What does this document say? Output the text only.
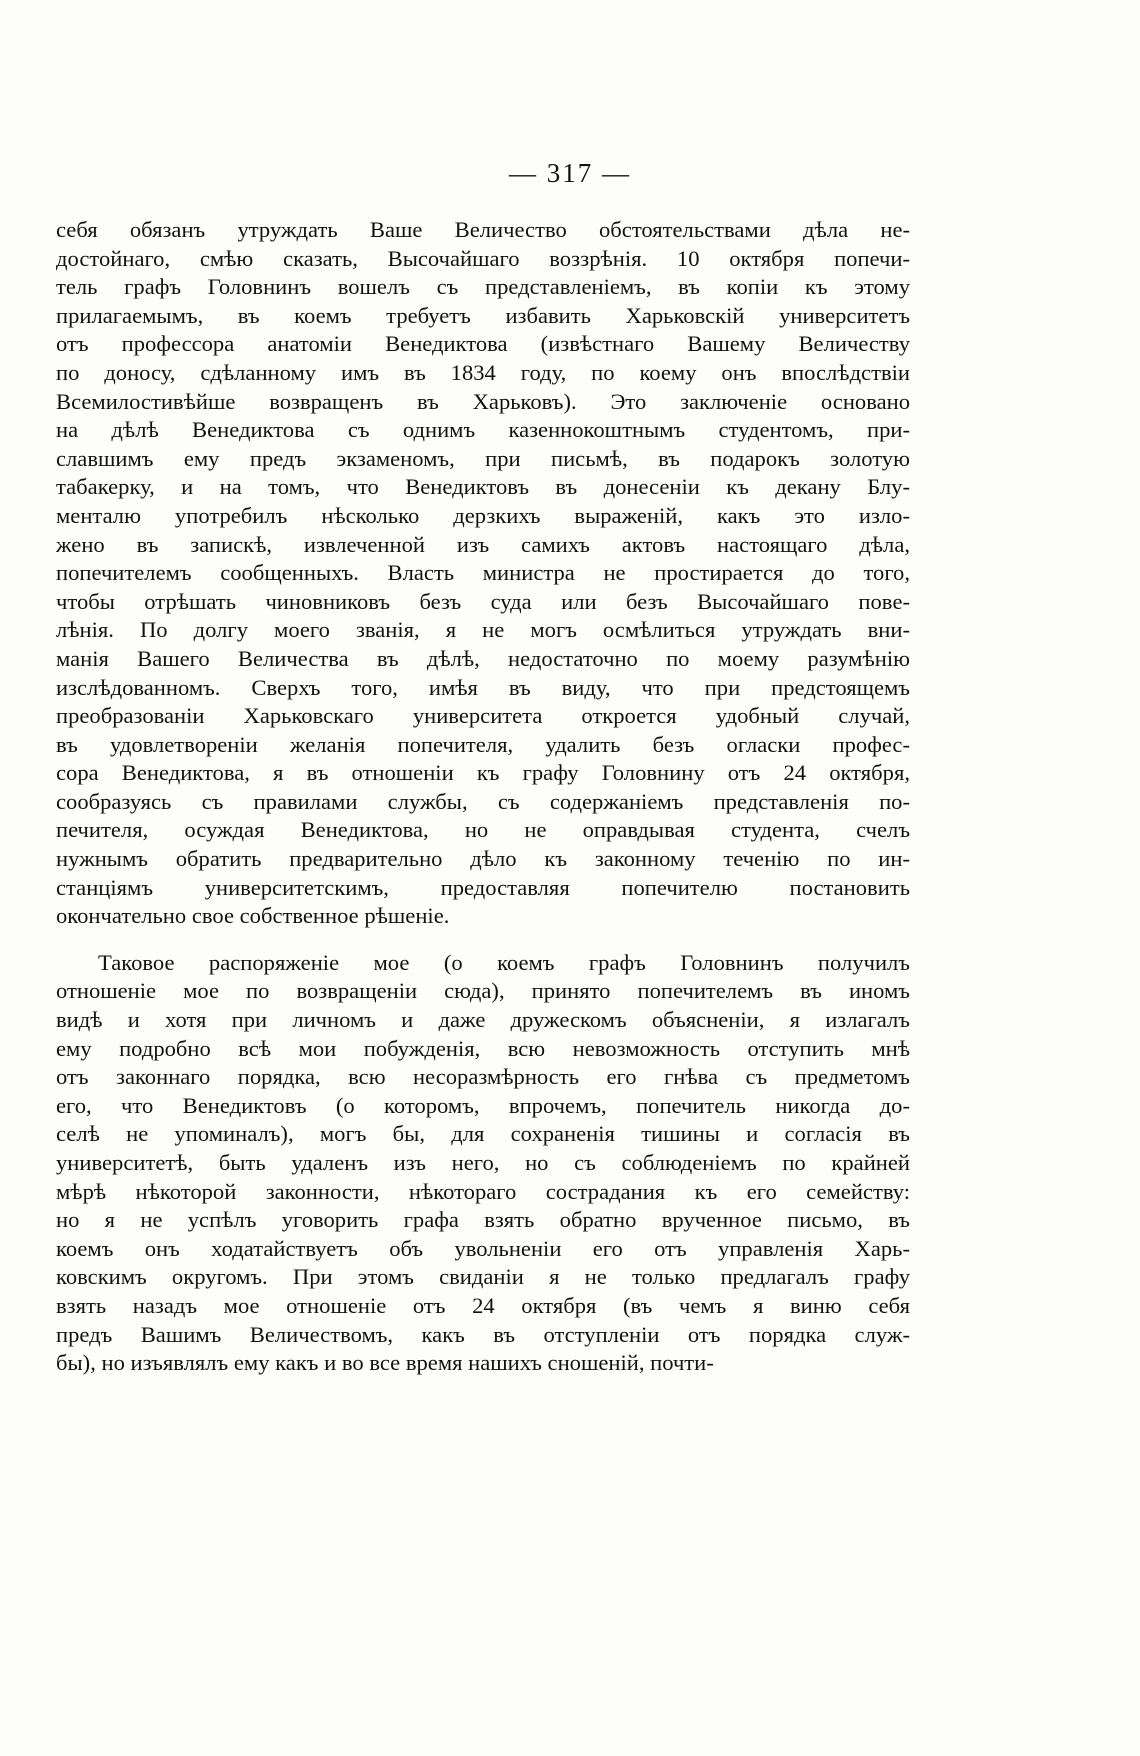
— 317 —
себя обязанъ утруждать Ваше Величество обстоятельствами дѣла не-
достойнаго, смѣю сказать, Высочайшаго воззрѣнія. 10 октября попечи-
тель графъ Головнинъ вошелъ съ представленіемъ, въ копіи къ этому
прилагаемымъ, въ коемъ требуетъ избавить Харьковскій университетъ
отъ профессора анатоміи Венедиктова (извѣстнаго Вашему Величеству
по доносу, сдѣланному имъ въ 1834 году, по коему онъ впослѣдствіи
Всемилостивѣйше возвращенъ въ Харьковъ). Это заключеніе основано
на дѣлѣ Венедиктова съ однимъ казеннокоштнымъ студентомъ, при-
славшимъ ему предъ экзаменомъ, при письмѣ, въ подарокъ золотую
табакерку, и на томъ, что Венедиктовъ въ донесеніи къ декану Блу-
менталю употребилъ нѣсколько дерзкихъ выраженій, какъ это изло-
жено въ запискѣ, извлеченной изъ самихъ актовъ настоящаго дѣла,
попечителемъ сообщенныхъ. Власть министра не простирается до того,
чтобы отрѣшать чиновниковъ безъ суда или безъ Высочайшаго повe-
лѣнія. По долгу моего званія, я не могъ осмѣлиться утруждать вни-
манія Вашего Величества въ дѣлѣ, недостаточно по моему разумѣнію
изслѣдованномъ. Сверхъ того, имѣя въ виду, что при предстоящемъ
преобразованіи Харьковскаго университета откроется удобный случай,
въ удовлетвореніи желанія попечителя, удалить безъ огласки профес-
сора Венедиктова, я въ отношеніи къ графу Головнину отъ 24 октября,
сообразуясь съ правилами службы, съ содержаніемъ представленія по-
печителя, осуждая Венедиктова, но не оправдывая студента, счелъ
нужнымъ обратить предварительно дѣло къ законному теченію по ин-
станціямъ университетскимъ, предоставляя попечителю постановить
окончательно свое собственное рѣшеніе.
Таковое распоряженіе мое (о коемъ графъ Головнинъ получилъ
отношеніе мое по возвращеніи сюда), принято попечителемъ въ иномъ
видѣ и хотя при личномъ и даже дружескомъ объясненіи, я излагалъ
ему подробно всѣ мои побужденія, всю невозможность отступить мнѣ
отъ законнаго порядка, всю несоразмѣрность его гнѣва съ предметомъ
его, что Венедиктовъ (о которомъ, впрочемъ, попечитель никогда до-
селѣ не упоминалъ), могъ бы, для сохраненія тишины и согласія въ
университетѣ, быть удаленъ изъ него, но съ соблюденіемъ по крайней
мѣрѣ нѣкоторой законности, нѣкотораго сострадания къ его семейству:
но я не успѣлъ уговорить графа взять обратно врученное письмо, въ
коемъ онъ ходатайствуетъ объ увольненіи его отъ управленія Харь-
ковскимъ округомъ. При этомъ свиданіи я не только предлагалъ графу
взять назадъ мое отношеніе отъ 24 октября (въ чемъ я виню себя
предъ Вашимъ Величествомъ, какъ въ отступленіи отъ порядка служ-
бы), но изъявлялъ ему какъ и во все время нашихъ сношеній, почти-
